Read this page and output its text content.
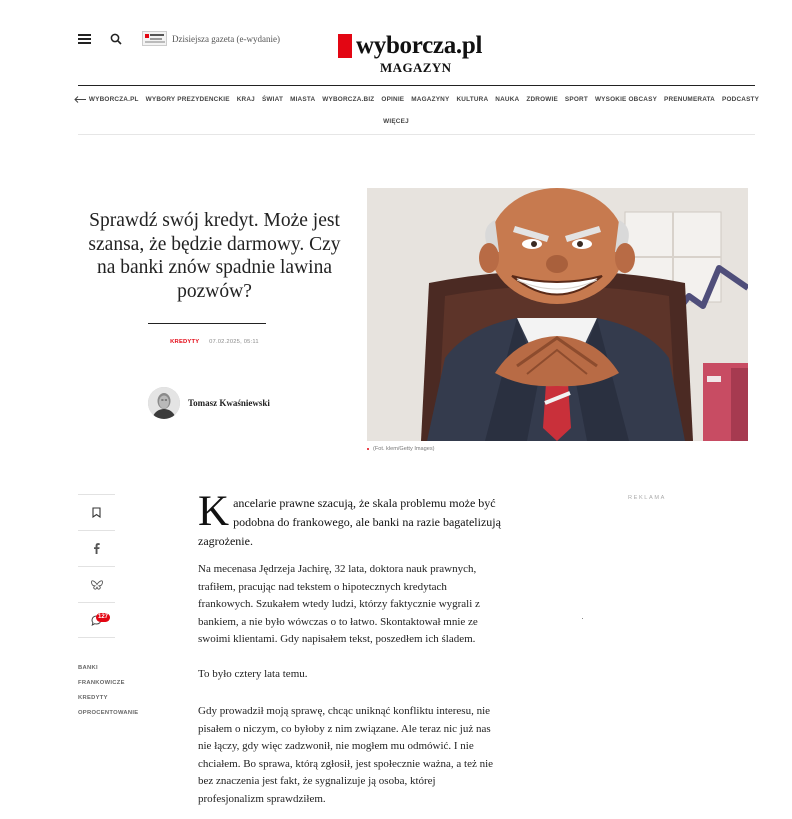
Dzisiejsza gazeta (e-wydanie)	wyborcza.pl
MAGAZYN
WYBORCZA.PL WYBORY PREZYDENCKIE KRAJ ŚWIAT MIASTA WYBORCZA.BIZ OPINIE MAGAZYNY KULTURA NAUKA ZDROWIE SPORT WYSOKIE OBCASY PRENUMERATA PODCASTY
WIĘCEJ
Sprawdź swój kredyt. Może jest szansa, że będzie darmowy. Czy na banki znów spadnie lawina pozwów?
KREDYTY 07.02.2025, 05:11
Tomasz Kwaśniewski
(Fot. klem/Getty Images)
127
BANKI
FRANKOWICZE
KREDYTY
OPROCENTOWANIE
K ancelarie prawne szacują, że skala problemu może być podobna do frankowego, ale banki na razie bagatelizują zagrożenie.

Na mecenasa Jędrzeja Jachirę, 32 lata, doktora nauk prawnych, trafiłem, pracując nad tekstem o hipotecznych kredytach frankowych. Szukałem wtedy ludzi, którzy faktycznie wygrali z bankiem, a nie było wówczas o to łatwo. Skontaktował mnie ze swoimi klientami. Gdy napisałem tekst, poszedłem ich śladem.

To było cztery lata temu.

Gdy prowadził moją sprawę, chcąc uniknąć konfliktu interesu, nie pisałem o niczym, co byłoby z nim związane. Ale teraz nic już nas nie łączy, gdy więc zadzwonił, nie mogłem mu odmówić. I nie chciałem. Bo sprawa, którą zgłosił, jest społecznie ważna, a też nie bez znaczenia jest fakt, że sygnalizuje ją osoba, której profesjonalizm sprawdziłem.

REKLAMA
